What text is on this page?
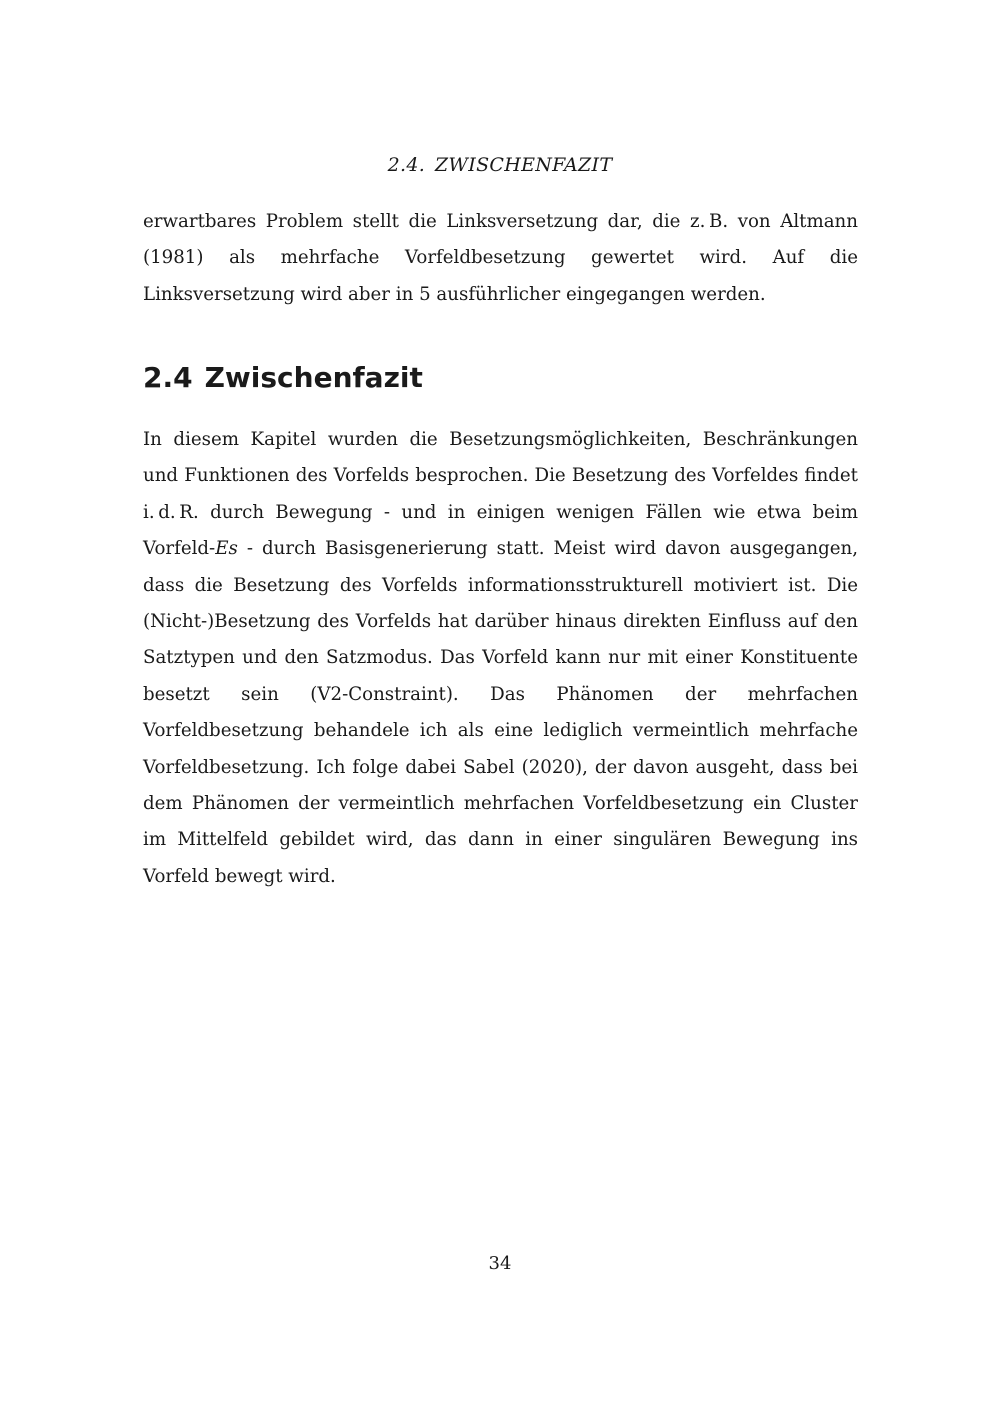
2.4. ZWISCHENFAZIT

erwartbares Problem stellt die Linksversetzung dar, die z. B. von Altmann (1981) als mehrfache Vorfeldbesetzung gewertet wird. Auf die Linksversetzung wird aber in 5 ausführlicher eingegangen werden.

2.4 Zwischenfazit

In diesem Kapitel wurden die Besetzungsmöglichkeiten, Beschränkungen und Funktionen des Vorfelds besprochen. Die Besetzung des Vorfeldes findet i. d. R. durch Bewegung - und in einigen wenigen Fällen wie etwa beim Vorfeld-Es - durch Basisgenerierung statt. Meist wird davon ausgegangen, dass die Besetzung des Vorfelds informationsstrukturell motiviert ist. Die (Nicht-)Besetzung des Vorfelds hat darüber hinaus direkten Einfluss auf den Satztypen und den Satzmodus. Das Vorfeld kann nur mit einer Konstituente besetzt sein (V2-Constraint). Das Phänomen der mehrfachen Vorfeldbesetzung behandele ich als eine lediglich vermeintlich mehrfache Vorfeldbesetzung. Ich folge dabei Sabel (2020), der davon ausgeht, dass bei dem Phänomen der vermeintlich mehrfachen Vorfeldbesetzung ein Cluster im Mittelfeld gebildet wird, das dann in einer singulären Bewegung ins Vorfeld bewegt wird.

34
